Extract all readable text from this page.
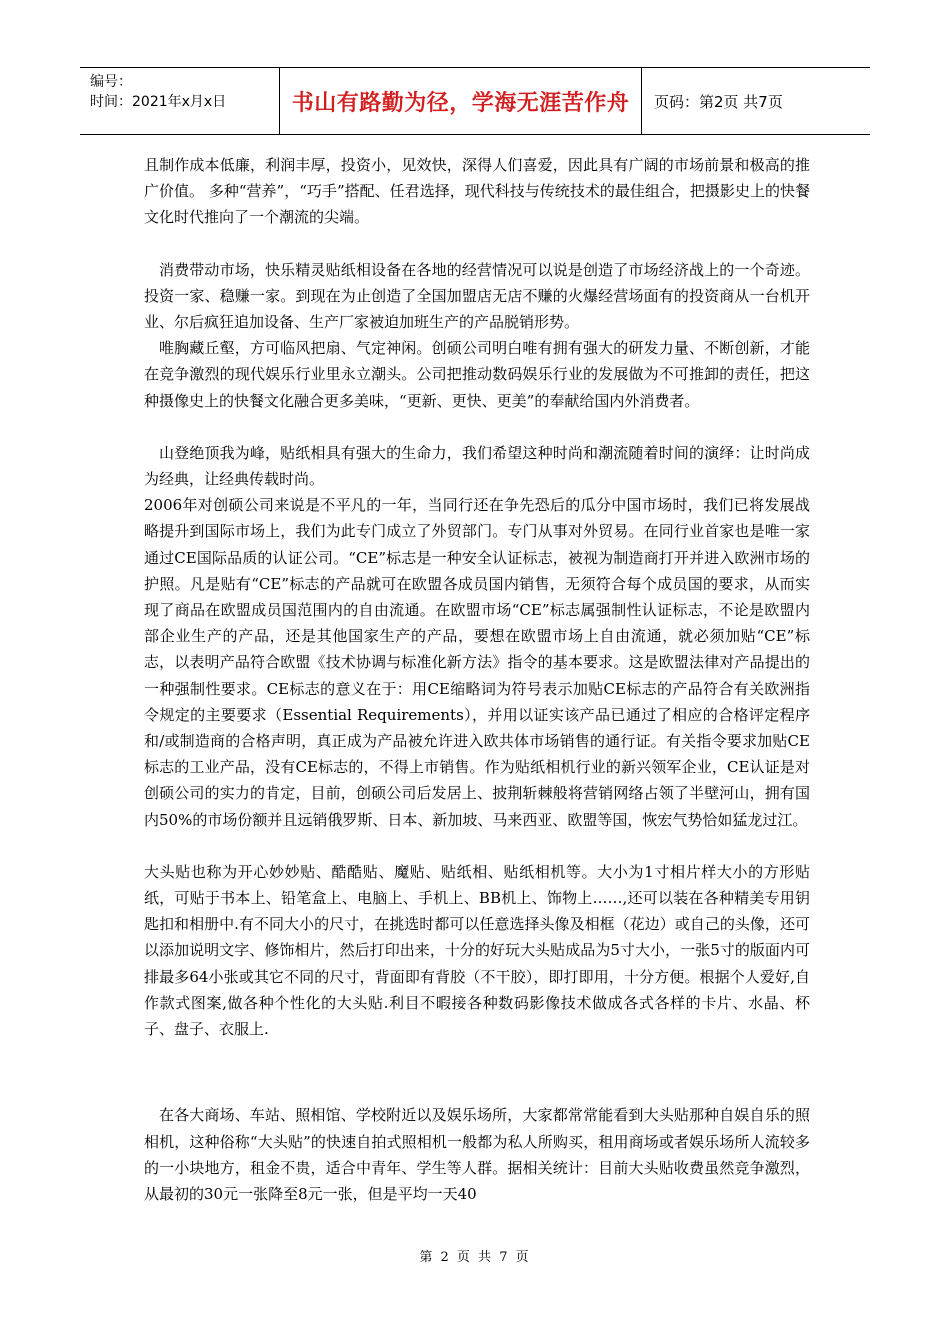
编号：
时间：2021年x月x日	书山有路勤为径，学海无涯苦作舟	页码：第2页 共7页

且制作成本低廉，利润丰厚，投资小，见效快，深得人们喜爱，因此具有广阔的市场前景和极高的推广价值。 多种“营养”，“巧手”搭配、任君选择，现代科技与传统技术的最佳组合，把摄影史上的快餐文化时代推向了一个潮流的尖端。

消费带动市场，快乐精灵贴纸相设备在各地的经营情况可以说是创造了市场经济战上的一个奇迹。投资一家、稳赚一家。到现在为止创造了全国加盟店无店不赚的火爆经营场面有的投资商从一台机开业、尔后疯狂追加设备、生产厂家被迫加班生产的产品脱销形势。

唯胸藏丘壑，方可临风把扇、气定神闲。创硕公司明白唯有拥有强大的研发力量、不断创新，才能在竞争激烈的现代娱乐行业里永立潮头。公司把推动数码娱乐行业的发展做为不可推卸的责任，把这种摄像史上的快餐文化融合更多美味，“更新、更快、更美”的奉献给国内外消费者。

山登绝顶我为峰，贴纸相具有强大的生命力，我们希望这种时尚和潮流随着时间的演绎：让时尚成为经典，让经典传载时尚。

2006年对创硕公司来说是不平凡的一年，当同行还在争先恐后的瓜分中国市场时，我们已将发展战略提升到国际市场上，我们为此专门成立了外贸部门。专门从事对外贸易。在同行业首家也是唯一家通过CE国际品质的认证公司。“CE”标志是一种安全认证标志，被视为制造商打开并进入欧洲市场的护照。凡是贴有“CE”标志的产品就可在欧盟各成员国内销售，无须符合每个成员国的要求，从而实现了商品在欧盟成员国范围内的自由流通。在欧盟市场“CE”标志属强制性认证标志，不论是欧盟内部企业生产的产品，还是其他国家生产的产品，要想在欧盟市场上自由流通，就必须加贴“CE”标志，以表明产品符合欧盟《技术协调与标准化新方法》指令的基本要求。这是欧盟法律对产品提出的一种强制性要求。CE标志的意义在于：用CE缩略词为符号表示加贴CE标志的产品符合有关欧洲指令规定的主要要求（Essential Requirements），并用以证实该产品已通过了相应的合格评定程序和/或制造商的合格声明，真正成为产品被允许进入欧共体市场销售的通行证。有关指令要求加贴CE标志的工业产品，没有CE标志的，不得上市销售。作为贴纸相机行业的新兴领军企业，CE认证是对创硕公司的实力的肯定，目前，创硕公司后发居上、披荆斩棘般将营销网络占领了半壁河山，拥有国内50%的市场份额并且远销俄罗斯、日本、新加坡、马来西亚、欧盟等国，恢宏气势恰如猛龙过江。

大头贴也称为开心妙妙贴、酷酷贴、魔贴、贴纸相、贴纸相机等。大小为1寸相片样大小的方形贴纸，可贴于书本上、铅笔盒上、电脑上、手机上、BB机上、饰物上……,还可以装在各种精美专用钥匙扣和相册中.有不同大小的尺寸，在挑选时都可以任意选择头像及相框（花边）或自己的头像，还可以添加说明文字、修饰相片，然后打印出来，十分的好玩大头贴成品为5寸大小，一张5寸的版面内可排最多64小张或其它不同的尺寸，背面即有背胶（不干胶），即打即用，十分方便。根据个人爱好,自作款式图案,做各种个性化的大头贴.利目不暇接各种数码影像技术做成各式各样的卡片、水晶、杯子、盘子、衣服上.

在各大商场、车站、照相馆、学校附近以及娱乐场所，大家都常常能看到大头贴那种自娱自乐的照相机，这种俗称“大头贴”的快速自拍式照相机一般都为私人所购买，租用商场或者娱乐场所人流较多的一小块地方，租金不贵，适合中青年、学生等人群。据相关统计：目前大头贴收费虽然竞争激烈，从最初的30元一张降至8元一张，但是平均一天40

第 2 页 共 7 页
